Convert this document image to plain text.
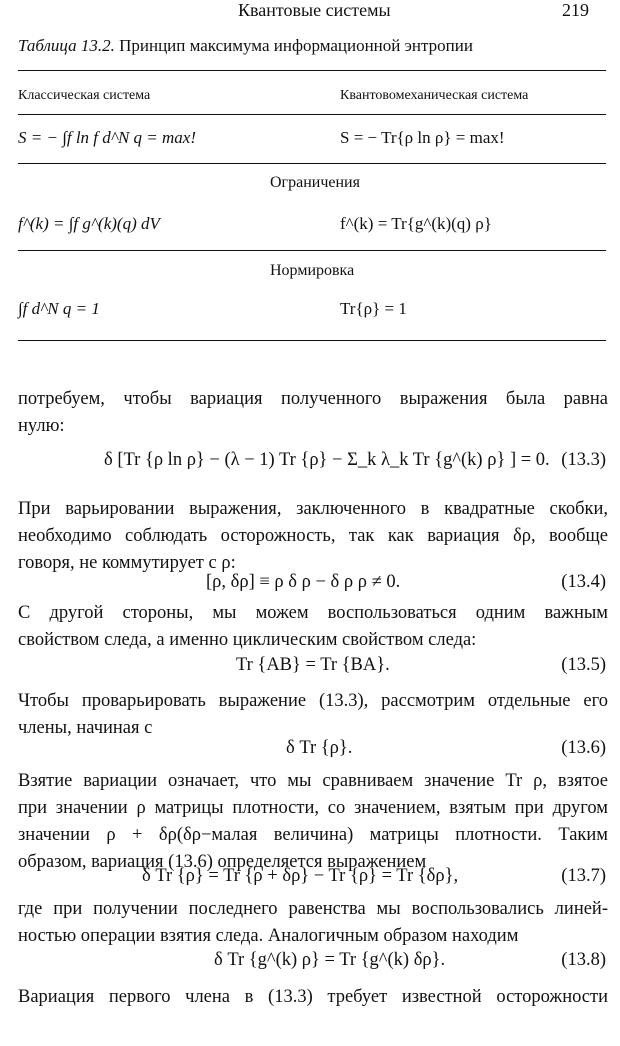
Квантовые системы	219
Таблица 13.2. Принцип максимума информационной энтропии
Классическая система	Квантовомеханическая система
S = − ∫f ln f d^N q = max!	S = − Tr{ρ ln ρ} = max!
Ограничения
f^(k) = ∫f g^(k)(q) dV	f^(k) = Tr{g^(k)(q) ρ}
Нормировка
∫f d^N q = 1	Tr{ρ} = 1
потребуем, чтобы вариация полученного выражения была равна
нулю:
δ [Tr {ρ ln ρ} − (λ − 1) Tr {ρ} − Σ_k λ_k Tr {g^(k) ρ} ] = 0. (13.3)
При варьировании выражения, заключенного в квадратные скобки,
необходимо соблюдать осторожность, так как вариация δρ, вообще
говоря, не коммутирует с ρ:
[ρ, δρ] ≡ ρ δ ρ − δ ρ ρ ≠ 0.	(13.4)
С другой стороны, мы можем воспользоваться одним важным
свойством следа, а именно циклическим свойством следа:
Tr {AB} = Tr {BA}.	(13.5)
Чтобы проварьировать выражение (13.3), рассмотрим отдельные его
члены, начиная с
δ Tr {ρ}.	(13.6)
Взятие вариации означает, что мы сравниваем значение Tr ρ, взятое
при значении ρ матрицы плотности, со значением, взятым при другом
значении ρ + δρ(δρ−малая величина) матрицы плотности. Таким
образом, вариация (13.6) определяется выражением
δ Tr {ρ} = Tr {ρ + δρ} − Tr {ρ} = Tr {δρ},	(13.7)
где при получении последнего равенства мы воспользовались линей-
ностью операции взятия следа. Аналогичным образом находим
δ Tr {g^(k) ρ} = Tr {g^(k) δρ}.	(13.8)
Вариация первого члена в (13.3) требует известной осторожности
